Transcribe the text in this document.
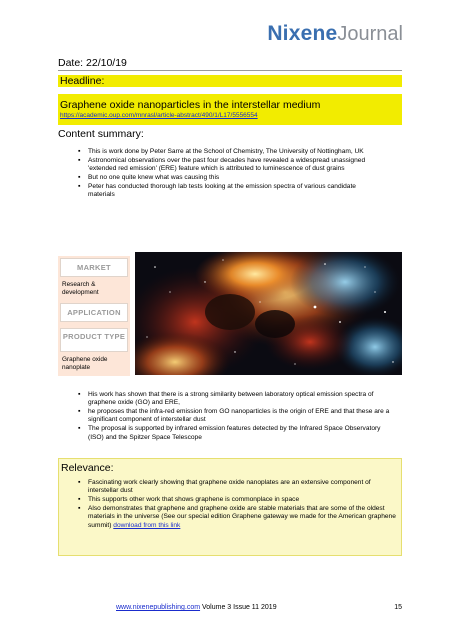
NixeneJournal
Date: 22/10/19
Headline:
Graphene oxide nanoparticles in the interstellar medium
https://academic.oup.com/mnrasl/article-abstract/490/1/L17/5556554
Content summary:
▪ This is work done by Peter Sarre at the School of Chemistry, The University of Nottingham, UK
▪ Astronomical observations over the past four decades have revealed a widespread unassigned 'extended red emission' (ERE) feature which is attributed to luminescence of dust grains
▪ But no one quite knew what was causing this
▪ Peter has conducted thorough lab tests looking at the emission spectra of various candidate materials
MARKET
Research & development
APPLICATION
PRODUCT TYPE
Graphene oxide nanoplate
▪ His work has shown that there is a strong similarity between laboratory optical emission spectra of graphene oxide (GO) and ERE,
▪ he proposes that the infra-red emission from GO nanoparticles is the origin of ERE and that these are a significant component of interstellar dust
▪ The proposal is supported by infrared emission features detected by the Infrared Space Observatory (ISO) and the Spitzer Space Telescope
Relevance:
▪ Fascinating work clearly showing that graphene oxide nanoplates are an extensive component of interstellar dust
▪ This supports other work that shows graphene is commonplace in space
▪ Also demonstrates that graphene and graphene oxide are stable materials that are some of the oldest materials in the universe (See our special edition Graphene gateway we made for the American graphene summit) download from this link
www.nixenepublishing.com Volume 3 Issue 11 2019	15
